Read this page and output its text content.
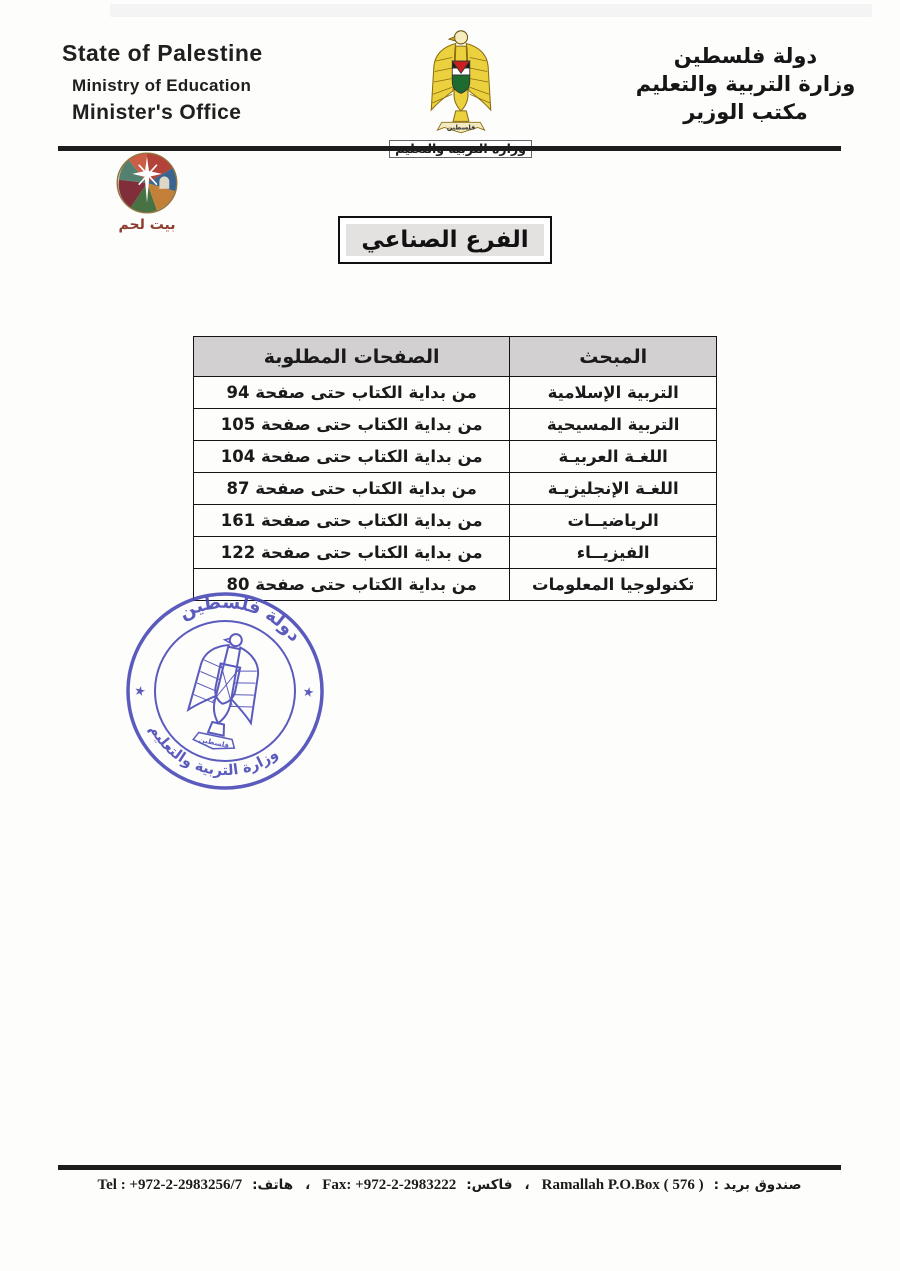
State of Palestine
Ministry of Education
Minister's Office
فلسطين
وزارة التربية والتعليم
دولة فلسطين
وزارة التربية والتعليم
مكتب الوزير
بيت لحم
الفرع الصناعي
المبحث	الصفحات المطلوبة
التربية الإسلامية	من بداية الكتاب حتى صفحة 94
التربية المسيحية	من بداية الكتاب حتى صفحة 105
اللغـة العربيـة	من بداية الكتاب حتى صفحة 104
اللغـة الإنجليزيـة	من بداية الكتاب حتى صفحة 87
الرياضيــات	من بداية الكتاب حتى صفحة 161
الفيزيــاء	من بداية الكتاب حتى صفحة 122
تكنولوجيا المعلومات	من بداية الكتاب حتى صفحة 80
دولة فلسطين
وزارة التربية والتعليم
★	★
فلسطين
Tel : +972-2-2983256/7 هاتف: ، Fax: +972-2-2983222 فاكس: ، Ramallah P.O.Box ( 576 ) صندوق بريد :
